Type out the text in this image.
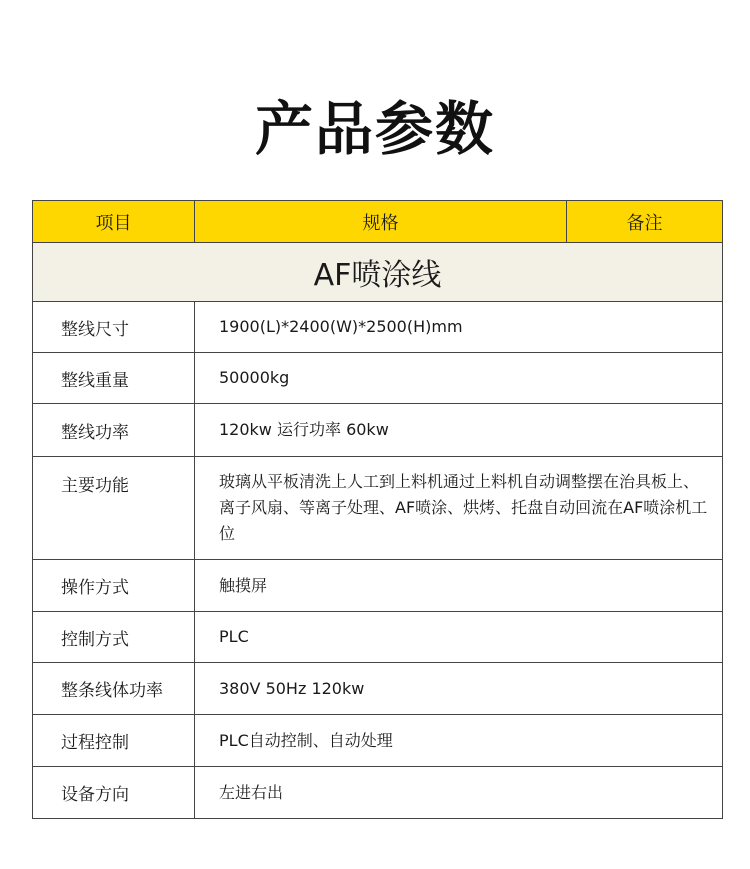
产品参数
项目	规格	备注
AF喷涂线		
整线尺寸	1900(L)*2400(W)*2500(H)mm	
整线重量	50000kg	
整线功率	120kw 运行功率 60kw	
主要功能	玻璃从平板清洗上人工到上料机通过上料机自动调整摆在治具板上、离子风扇、等离子处理、AF喷涂、烘烤、托盘自动回流在AF喷涂机工位	
操作方式	触摸屏	
控制方式	PLC	
整条线体功率	380V 50Hz 120kw	
过程控制	PLC自动控制、自动处理	
设备方向	左进右出	
